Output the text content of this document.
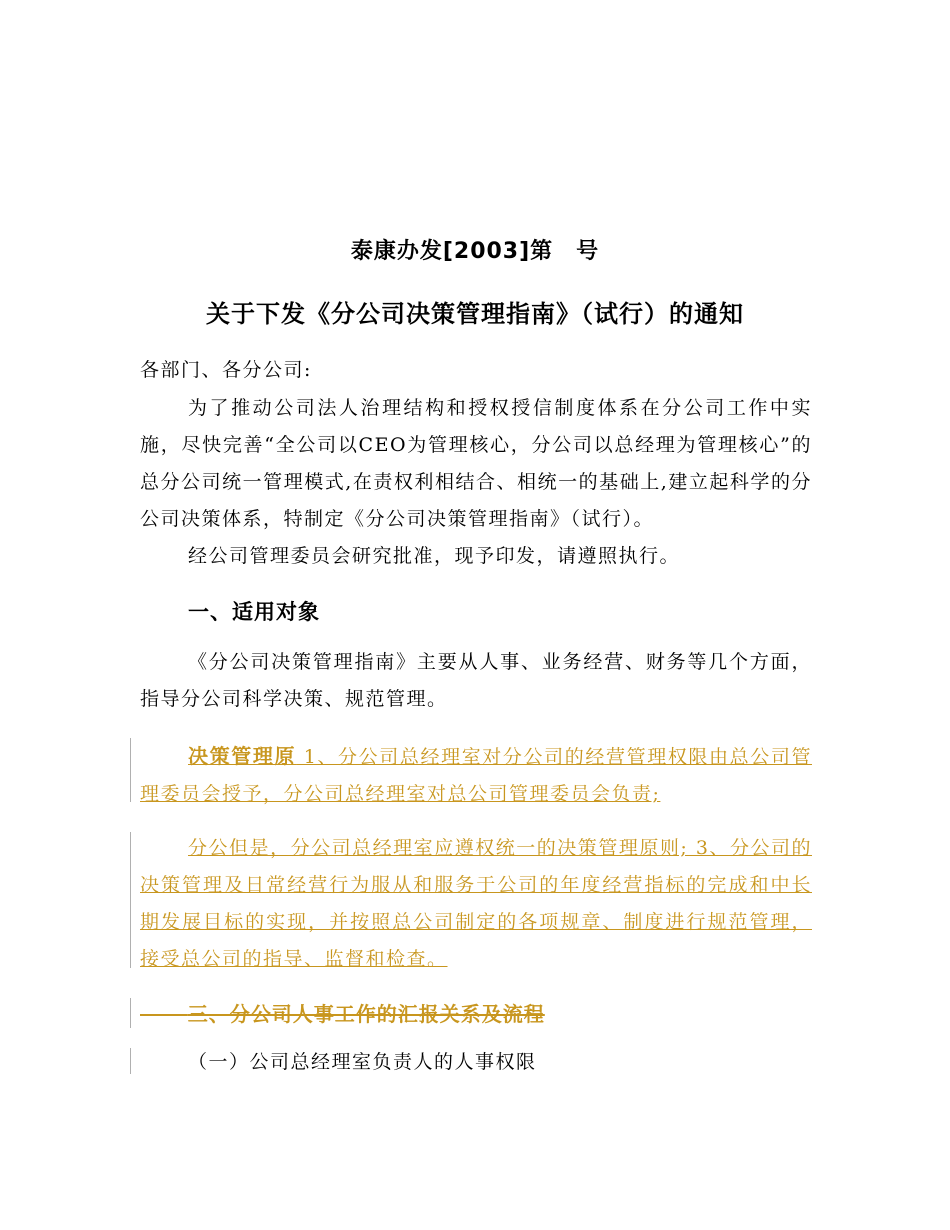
泰康办发[2003]第　号
关于下发《分公司决策管理指南》（试行）的通知
各部门、各分公司:
为了推动公司法人治理结构和授权授信制度体系在分公司工作中实施，尽快完善“全公司以CEO为管理核心，分公司以总经理为管理核心”的总分公司统一管理模式,在责权利相结合、相统一的基础上,建立起科学的分公司决策体系，特制定《分公司决策管理指南》（试行）。
经公司管理委员会研究批准，现予印发，请遵照执行。
一、适用对象
《分公司决策管理指南》主要从人事、业务经营、财务等几个方面，指导分公司科学决策、规范管理。
决策管理原 1、分公司总经理室对分公司的经营管理权限由总公司管理委员会授予，分公司总经理室对总公司管理委员会负责;
分公但是，分公司总经理室应遵权统一的决策管理原则; 3、分公司的决策管理及日常经营行为服从和服务于公司的年度经营指标的完成和中长期发展目标的实现，并按照总公司制定的各项规章、制度进行规范管理，接受总公司的指导、监督和检查。
三、分公司人事工作的汇报关系及流程
（一）公司总经理室负责人的人事权限
